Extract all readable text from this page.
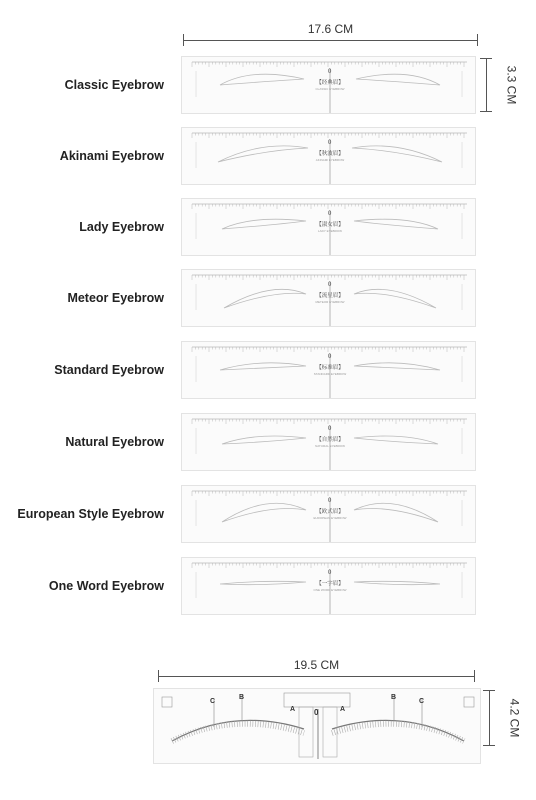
17.6 CM
3.3 CM
Classic Eyebrow
0
【经典眉】
CLASSIC EYEBROW
Akinami Eyebrow
0
【秋波眉】
AKINAMI EYEBROW
Lady Eyebrow
0
【淑女眉】
LADY EYEBROW
Meteor Eyebrow
0
【流星眉】
METEOR EYEBROW
Standard Eyebrow
0
【标准眉】
STANDARD EYEBROW
Natural Eyebrow
0
【自然眉】
NATURAL EYEBROW
European Style Eyebrow
0
【欧式眉】
EUROPEAN EYEBROW
One Word Eyebrow
0
【一字眉】
ONE WORD EYEBROW
19.5 CM
4.2 CM
C
B
A 0	A
B
C
